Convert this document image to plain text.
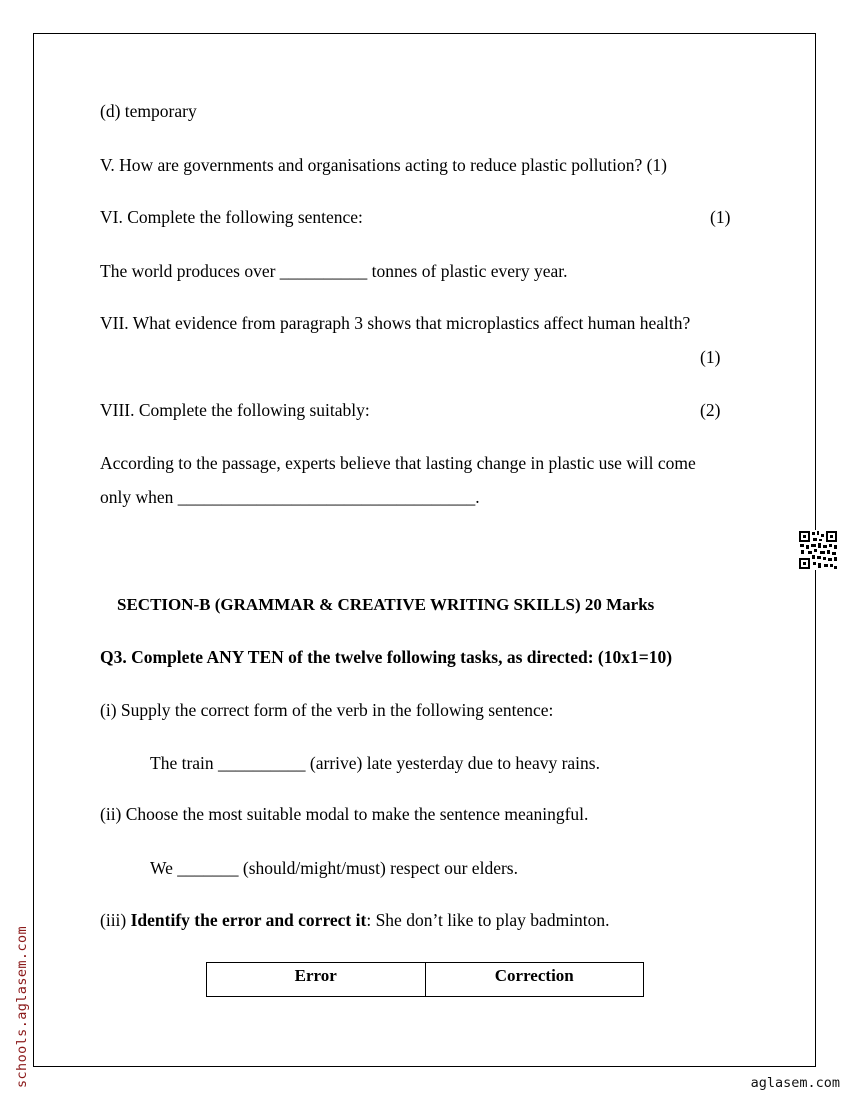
(d) temporary
V. How are governments and organisations acting to reduce plastic pollution? (1)
VI. Complete the following sentence:	(1)
The world produces over __________ tonnes of plastic every year.
VII. What evidence from paragraph 3 shows that microplastics affect human health?
(1)
VIII. Complete the following suitably:	(2)
According to the passage, experts believe that lasting change in plastic use will come
only when __________________________________.
SECTION-B (GRAMMAR & CREATIVE WRITING SKILLS) 20 Marks
Q3. Complete ANY TEN of the twelve following tasks, as directed: (10x1=10)
(i) Supply the correct form of the verb in the following sentence:
The train __________ (arrive) late yesterday due to heavy rains.
(ii) Choose the most suitable modal to make the sentence meaningful.
We _______ (should/might/must) respect our elders.
(iii) Identify the error and correct it: She don’t like to play badminton.
Error	Correction
schools.aglasem.com	aglasem.com
